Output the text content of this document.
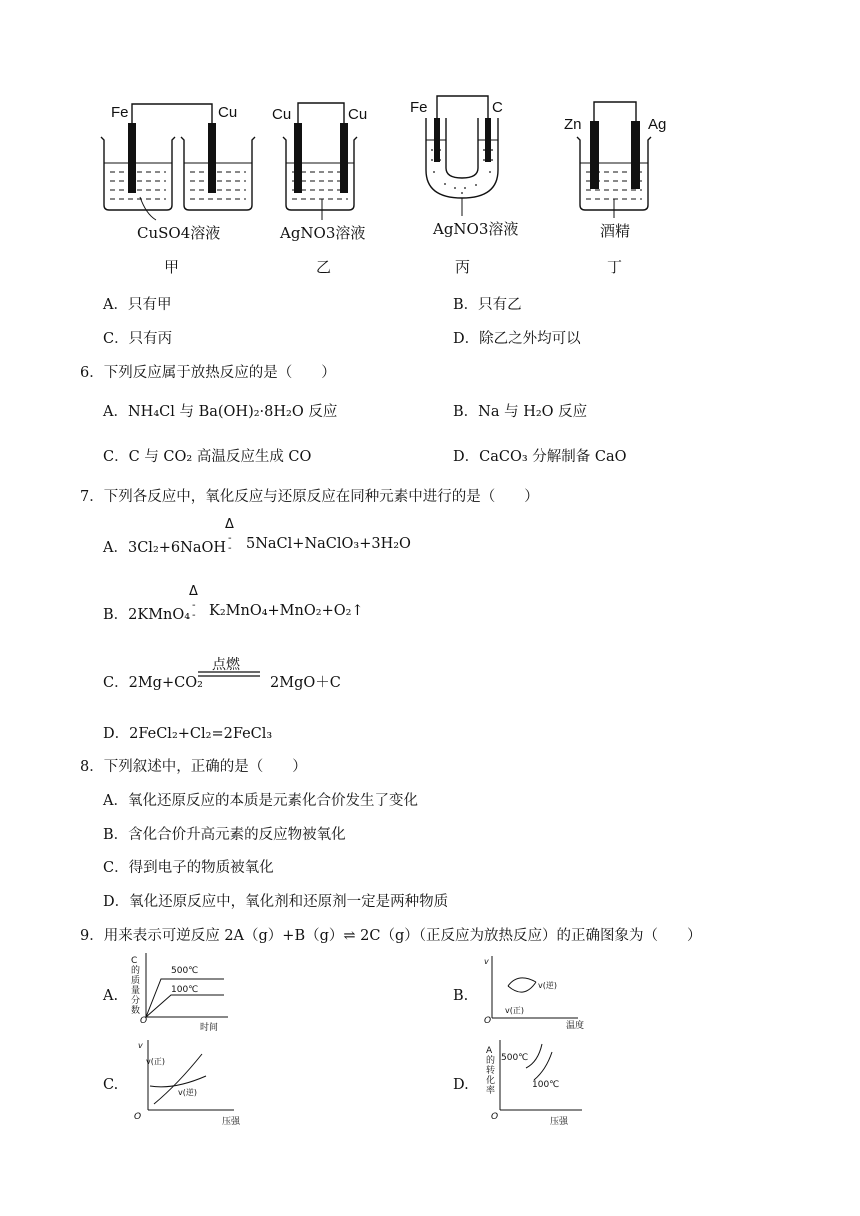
Fe	Cu Cu	Cu	Fe	C
Zn	Ag
CuSO4溶液	AgNO3溶液	AgNO3溶液	酒精
甲	乙	丙	丁
A．只有甲	B．只有乙
C．只有丙	D．除乙之外均可以
6．下列反应属于放热反应的是（　　）
A．NH₄Cl 与 Ba(OH)₂·8H₂O 反应	B．Na 与 H₂O 反应
C．C 与 CO₂ 高温反应生成 CO	D．CaCO₃ 分解制备 CaO
7．下列各反应中，氧化反应与还原反应在同种元素中进行的是（　　）
A．3Cl₂+6NaOH
Δ
-
- 5NaCl+NaClO₃+3H₂O
B．2KMnO₄
Δ
-
- K₂MnO₄+MnO₂+O₂↑
C．2Mg+CO₂
点燃
2MgO＋C
D．2FeCl₂+Cl₂=2FeCl₃
8．下列叙述中，正确的是（　　）
A．氧化还原反应的本质是元素化合价发生了变化
B．含化合价升高元素的反应物被氧化
C．得到电子的物质被氧化
D．氧化还原反应中，氧化剂和还原剂一定是两种物质
9．用来表示可逆反应 2A（g）+B（g）⇌ 2C（g）（正反应为放热反应）的正确图象为（　　）
A.
C的质量分数
500℃
100℃
O
时间
B.
v
v(逆)
v(正)
O	温度
C.
v
v(正)
v(逆)
O	压强
D.
A的转化率
500℃
100℃
O	压强
